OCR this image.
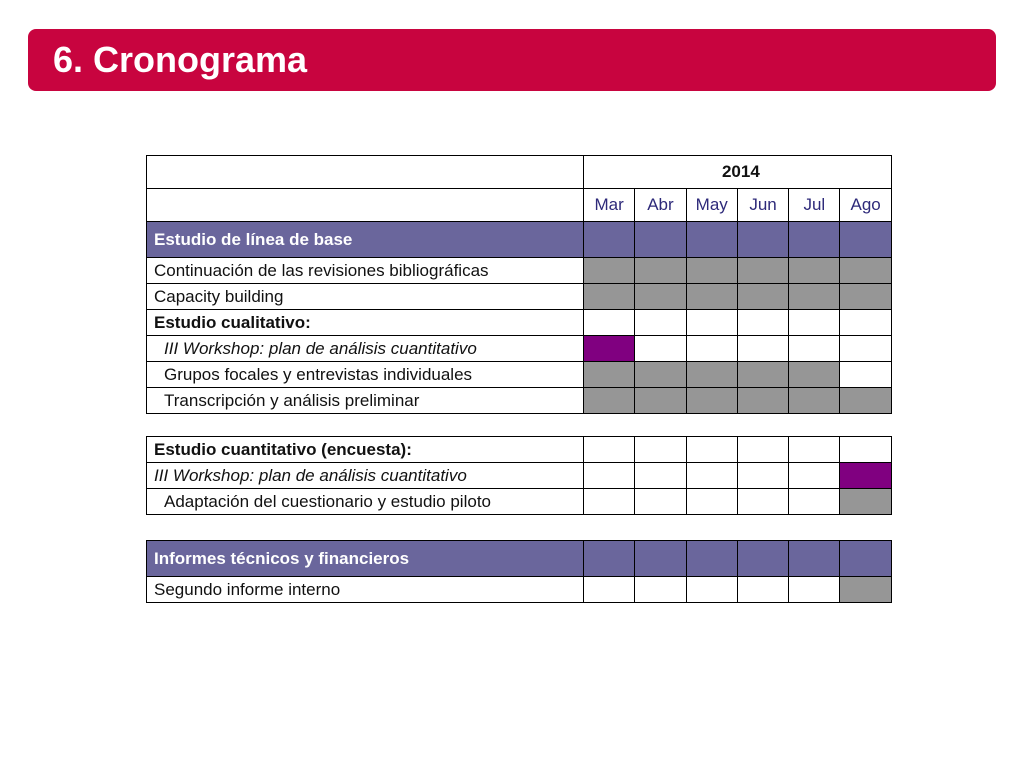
6. Cronograma
	2014					
	Mar	Abr	May	Jun	Jul	Ago
Estudio de línea de base						
Continuación de las revisiones bibliográficas						
Capacity building						
Estudio cualitativo:						
III Workshop: plan de análisis cuantitativo						
Grupos focales y entrevistas individuales						
Transcripción y análisis preliminar						
Estudio cuantitativo (encuesta):						
III Workshop: plan de análisis cuantitativo						
Adaptación del cuestionario y estudio piloto						
Informes técnicos y financieros						
Segundo informe interno						
